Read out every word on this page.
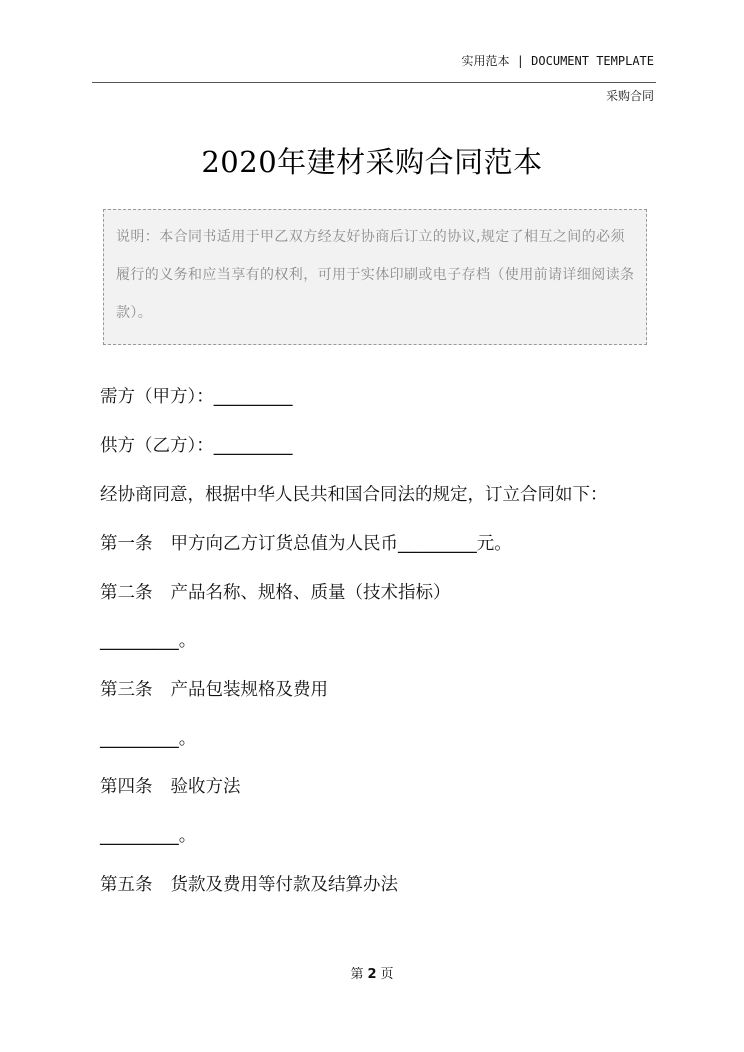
实用范本 | DOCUMENT TEMPLATE
采购合同
2020年建材采购合同范本
说明：本合同书适用于甲乙双方经友好协商后订立的协议,规定了相互之间的必须履行的义务和应当享有的权利，可用于实体印刷或电子存档（使用前请详细阅读条款）。
需方（甲方）：_________
供方（乙方）：_________
经协商同意，根据中华人民共和国合同法的规定，订立合同如下：
第一条 甲方向乙方订货总值为人民币_________元。
第二条 产品名称、规格、质量（技术指标）
_________。
第三条 产品包装规格及费用
_________。
第四条 验收方法
_________。
第五条 货款及费用等付款及结算办法
第 2 页
